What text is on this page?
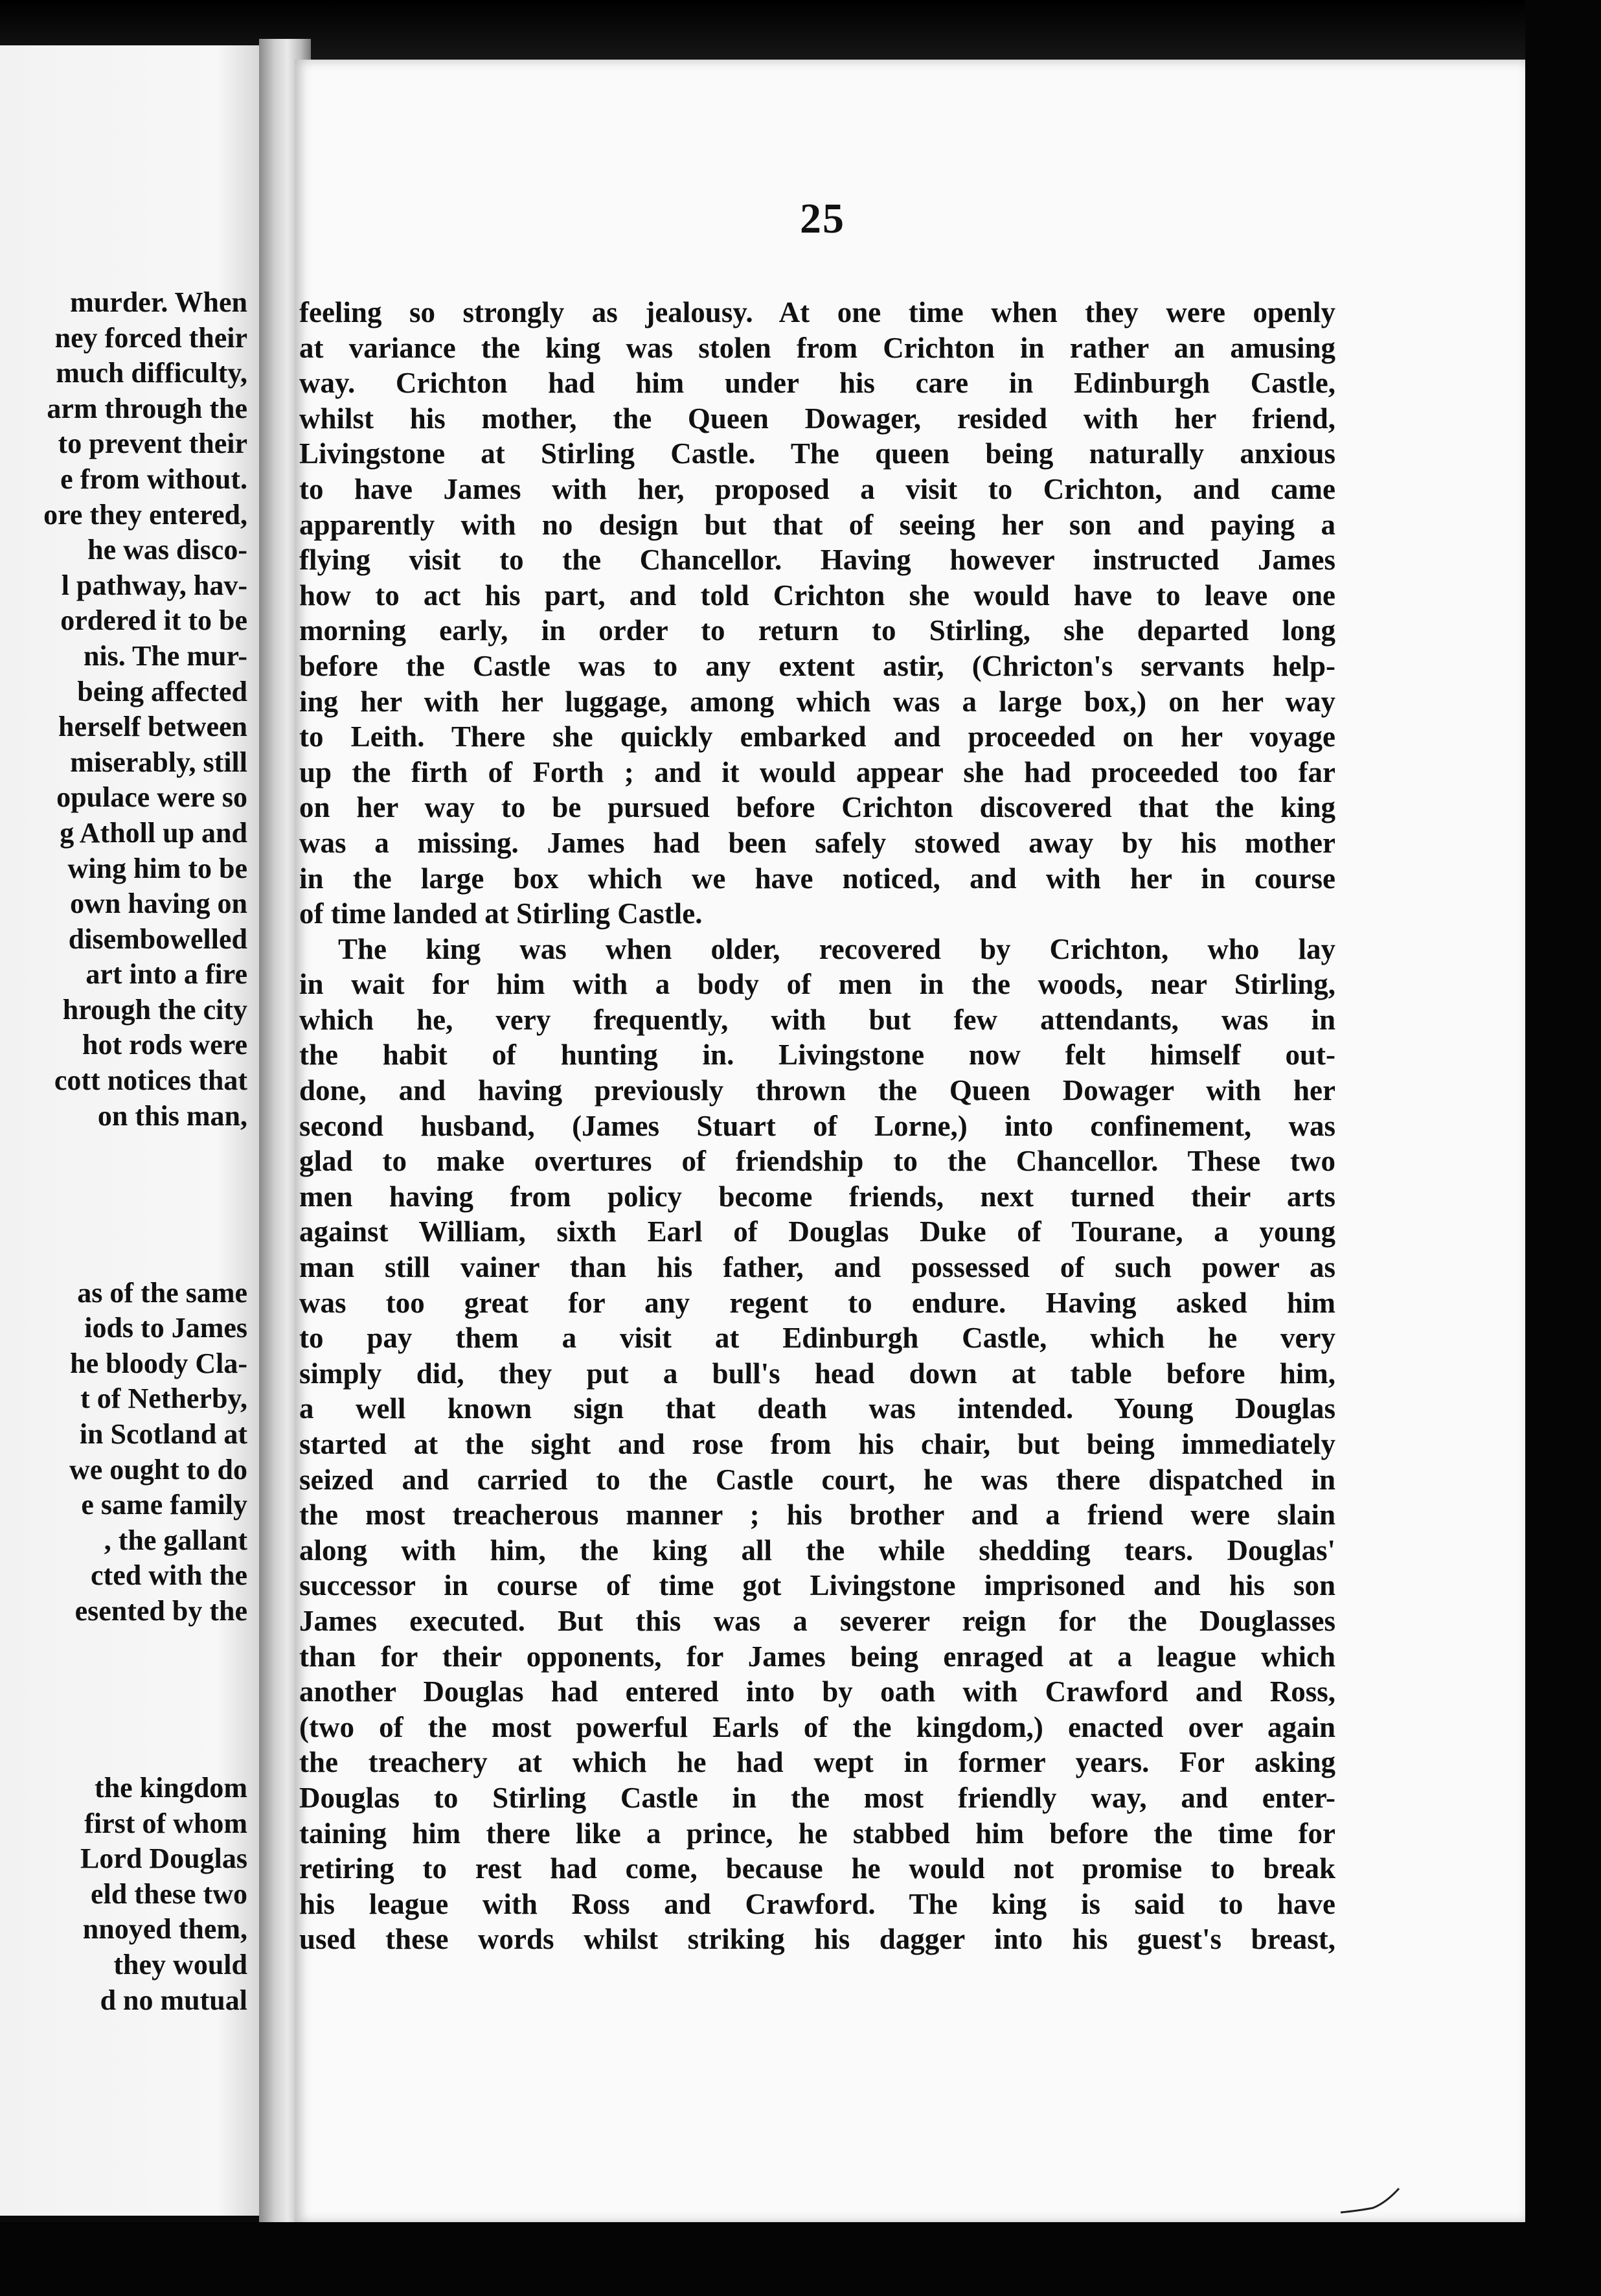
murder. When
ney forced their
much difficulty,
arm through the
to prevent their
e from without.
ore they entered,
he was disco-
l pathway, hav-
ordered it to be
nis. The mur-
being affected
herself between
miserably, still
opulace were so
g Atholl up and
wing him to be
own having on
disembowelled
art into a fire
hrough the city
hot rods were
cott notices that
on this man,
as of the same
iods to James
he bloody Cla-
t of Netherby,
in Scotland at
we ought to do
e same family
, the gallant
cted with the
esented by the
the kingdom
first of whom
Lord Douglas
eld these two
nnoyed them,
they would
d no mutual
25
feeling so strongly as jealousy. At one time when they were openly
at variance the king was stolen from Crichton in rather an amusing
way. Crichton had him under his care in Edinburgh Castle,
whilst his mother, the Queen Dowager, resided with her friend,
Livingstone at Stirling Castle. The queen being naturally anxious
to have James with her, proposed a visit to Crichton, and came
apparently with no design but that of seeing her son and paying a
flying visit to the Chancellor. Having however instructed James
how to act his part, and told Crichton she would have to leave one
morning early, in order to return to Stirling, she departed long
before the Castle was to any extent astir, (Chricton's servants help-
ing her with her luggage, among which was a large box,) on her way
to Leith. There she quickly embarked and proceeded on her voyage
up the firth of Forth ; and it would appear she had proceeded too far
on her way to be pursued before Crichton discovered that the king
was a missing. James had been safely stowed away by his mother
in the large box which we have noticed, and with her in course
of time landed at Stirling Castle.
The king was when older, recovered by Crichton, who lay
in wait for him with a body of men in the woods, near Stirling,
which he, very frequently, with but few attendants, was in
the habit of hunting in. Livingstone now felt himself out-
done, and having previously thrown the Queen Dowager with her
second husband, (James Stuart of Lorne,) into confinement, was
glad to make overtures of friendship to the Chancellor. These two
men having from policy become friends, next turned their arts
against William, sixth Earl of Douglas Duke of Tourane, a young
man still vainer than his father, and possessed of such power as
was too great for any regent to endure. Having asked him
to pay them a visit at Edinburgh Castle, which he very
simply did, they put a bull's head down at table before him,
a well known sign that death was intended. Young Douglas
started at the sight and rose from his chair, but being immediately
seized and carried to the Castle court, he was there dispatched in
the most treacherous manner ; his brother and a friend were slain
along with him, the king all the while shedding tears. Douglas'
successor in course of time got Livingstone imprisoned and his son
James executed. But this was a severer reign for the Douglasses
than for their opponents, for James being enraged at a league which
another Douglas had entered into by oath with Crawford and Ross,
(two of the most powerful Earls of the kingdom,) enacted over again
the treachery at which he had wept in former years. For asking
Douglas to Stirling Castle in the most friendly way, and enter-
taining him there like a prince, he stabbed him before the time for
retiring to rest had come, because he would not promise to break
his league with Ross and Crawford. The king is said to have
used these words whilst striking his dagger into his guest's breast,
